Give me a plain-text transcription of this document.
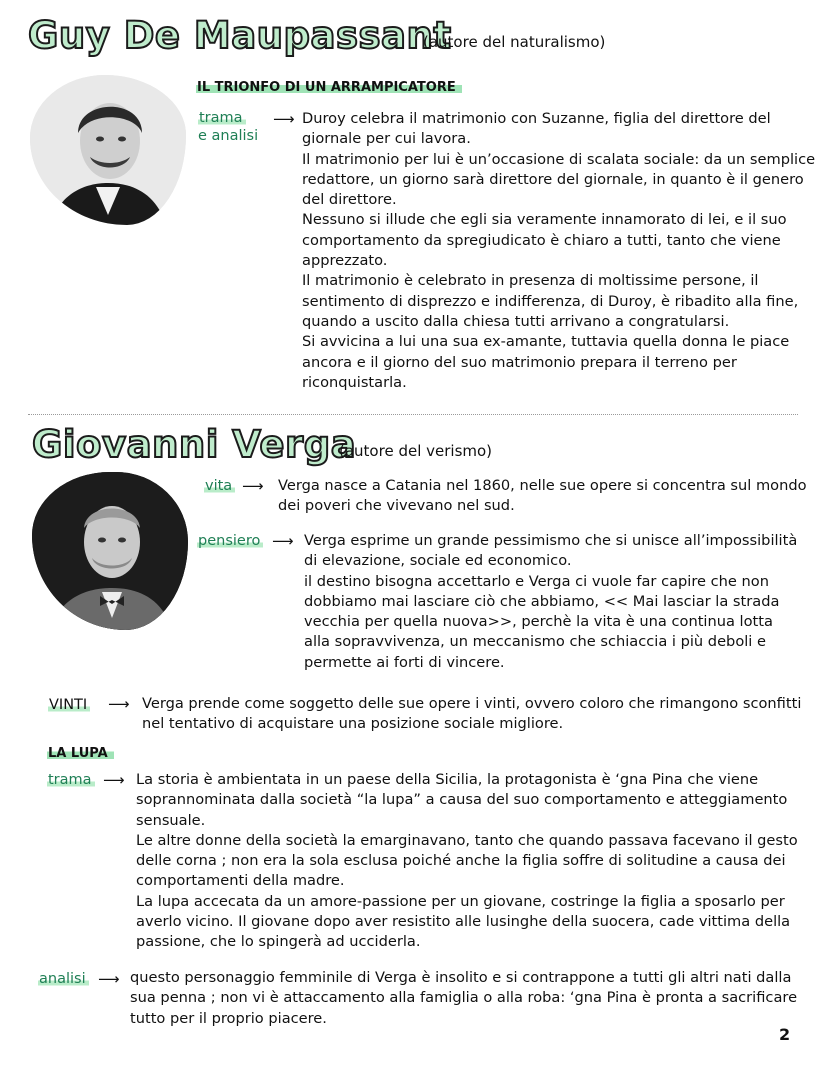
Guy De Maupassant
(autore del naturalismo)
IL TRIONFO DI UN ARRAMPICATORE
trama
e analisi
⟶ Duroy celebra il matrimonio con Suzanne, figlia del direttore del giornale per cui lavora.
Il matrimonio per lui è un’occasione di scalata sociale: da un semplice redattore, un giorno sarà direttore del giornale, in quanto è il genero del direttore.
Nessuno si illude che egli sia veramente innamorato di lei, e il suo comportamento da spregiudicato è chiaro a tutti, tanto che viene apprezzato.
Il matrimonio è celebrato in presenza di moltissime persone, il sentimento di disprezzo e indifferenza, di Duroy, è ribadito alla fine, quando a uscito dalla chiesa tutti arrivano a congratularsi.
Si avvicina a lui una sua ex-amante, tuttavia quella donna le piace ancora e il giorno del suo matrimonio prepara il terreno per riconquistarla.

Giovanni Verga
(autore del verismo)
vita ⟶ Verga nasce a Catania nel 1860, nelle sue opere si concentra sul mondo dei poveri che vivevano nel sud.

pensiero ⟶ Verga esprime un grande pessimismo che si unisce all’impossibilità di elevazione, sociale ed economico.
il destino bisogna accettarlo e Verga ci vuole far capire che non dobbiamo mai lasciare ciò che abbiamo, << Mai lasciar la strada vecchia per quella nuova>>, perchè la vita è una continua lotta alla sopravvivenza, un meccanismo che schiaccia i più deboli e permette ai forti di vincere.

VINTI ⟶ Verga prende come soggetto delle sue opere i vinti, ovvero coloro che rimangono sconfitti nel tentativo di acquistare una posizione sociale migliore.

LA LUPA
trama ⟶ La storia è ambientata in un paese della Sicilia, la protagonista è ‘gna Pina che viene soprannominata dalla società “la lupa” a causa del suo comportamento e atteggiamento sensuale.
Le altre donne della società la emarginavano, tanto che quando passava facevano il gesto delle corna ; non era la sola esclusa poiché anche la figlia soffre di solitudine a causa dei comportamenti della madre.
La lupa accecata da un amore-passione per un giovane, costringe la figlia a sposarlo per averlo vicino. Il giovane dopo aver resistito alle lusinghe della suocera, cade vittima della passione, che lo spingerà ad ucciderla.

analisi ⟶ questo personaggio femminile di Verga è insolito e si contrappone a tutti gli altri nati dalla sua penna ; non vi è attaccamento alla famiglia o alla roba: ‘gna Pina è pronta a sacrificare tutto per il proprio piacere.

2
